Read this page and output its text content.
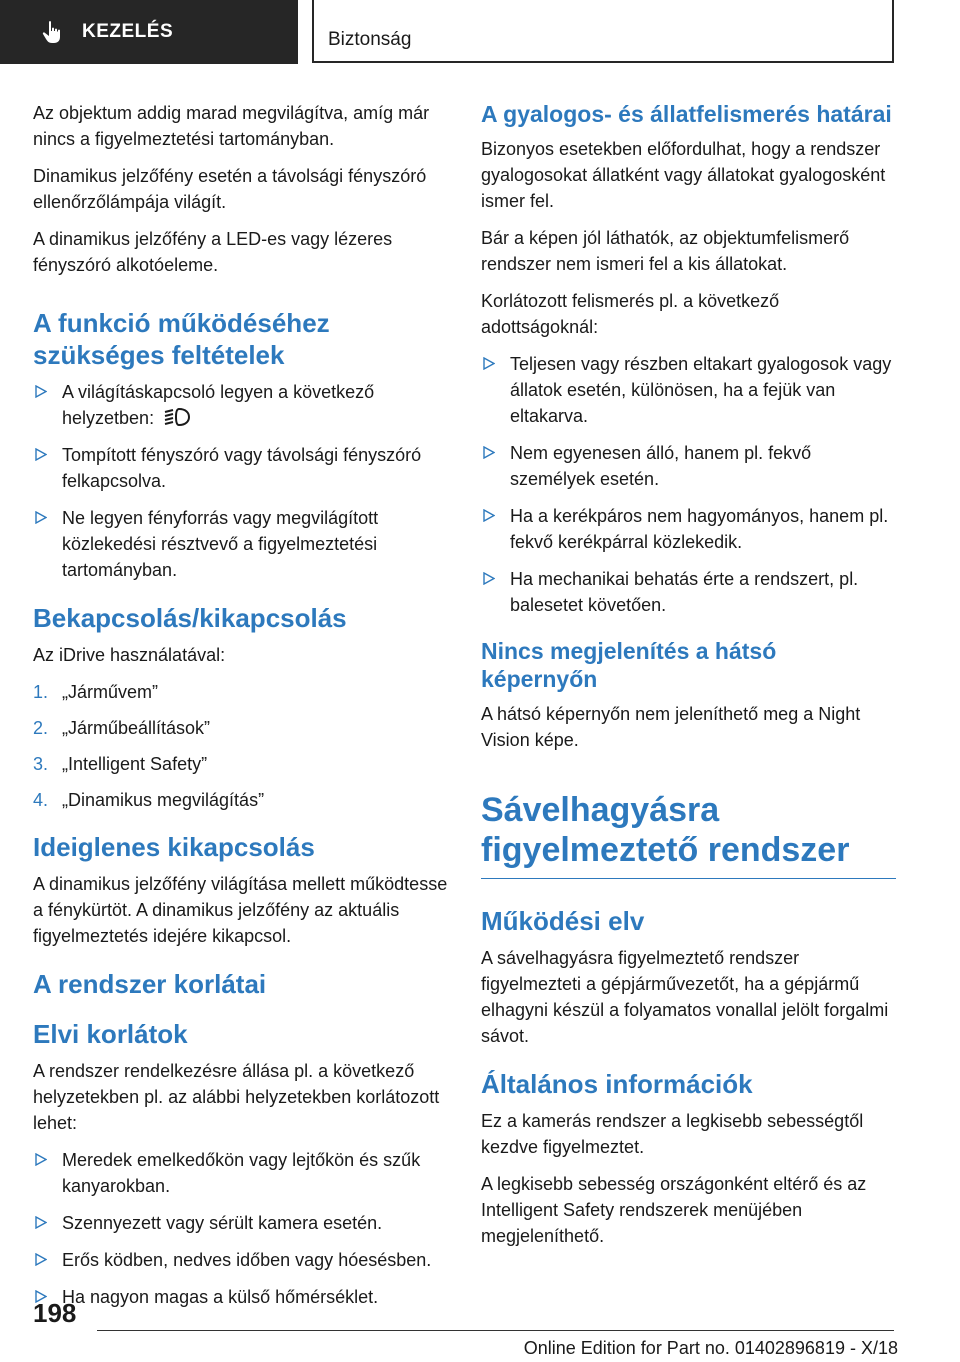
KEZELÉS	Biztonság

Az objektum addig marad megvilágítva, amíg már nincs a figyelmeztetési tartományban.

Dinamikus jelzőfény esetén a távolsági fényszóró ellenőrzőlámpája világít.

A dinamikus jelzőfény a LED-es vagy lézeres fényszóró alkotóeleme.

A funkció működéséhez szükséges feltételek
A világításkapcsoló legyen a következő helyzetben:
Tompított fényszóró vagy távolsági fényszóró felkapcsolva.
Ne legyen fényforrás vagy megvilágított közlekedési résztvevő a figyelmeztetési tartományban.
Bekapcsolás/kikapcsolás

Az iDrive használatával:

1. „Járművem”
2. „Járműbeállítások”
3. „Intelligent Safety”
4. „Dinamikus megvilágítás”
Ideiglenes kikapcsolás

A dinamikus jelzőfény világítása mellett működtesse a fénykürtöt. A dinamikus jelzőfény az aktuális figyelmeztetés idejére kikapcsol.

A rendszer korlátai
Elvi korlátok

A rendszer rendelkezésre állása pl. a következő helyzetekben pl. az alábbi helyzetekben korlátozott lehet:

Meredek emelkedőkön vagy lejtőkön és szűk kanyarokban.
Szennyezett vagy sérült kamera esetén.
Erős ködben, nedves időben vagy hóesésben.
Ha nagyon magas a külső hőmérséklet.
A gyalogos- és állatfelismerés határai

Bizonyos esetekben előfordulhat, hogy a rendszer gyalogosokat állatként vagy állatokat gyalogosként ismer fel.

Bár a képen jól láthatók, az objektumfelismerő rendszer nem ismeri fel a kis állatokat.

Korlátozott felismerés pl. a következő adottságoknál:

Teljesen vagy részben eltakart gyalogosok vagy állatok esetén, különösen, ha a fejük van eltakarva.
Nem egyenesen álló, hanem pl. fekvő személyek esetén.
Ha a kerékpáros nem hagyományos, hanem pl. fekvő kerékpárral közlekedik.
Ha mechanikai behatás érte a rendszert, pl. balesetet követően.
Nincs megjelenítés a hátsó képernyőn

A hátsó képernyőn nem jeleníthető meg a Night Vision képe.

Sávelhagyásra figyelmeztető rendszer
Működési elv

A sávelhagyásra figyelmeztető rendszer figyelmezteti a gépjárművezetőt, ha a gépjármű elhagyni készül a folyamatos vonallal jelölt forgalmi sávot.

Általános információk

Ez a kamerás rendszer a legkisebb sebességtől kezdve figyelmeztet.

A legkisebb sebesség országonként eltérő és az Intelligent Safety rendszerek menüjében megjeleníthető.

198
Online Edition for Part no. 01402896819 - X/18
